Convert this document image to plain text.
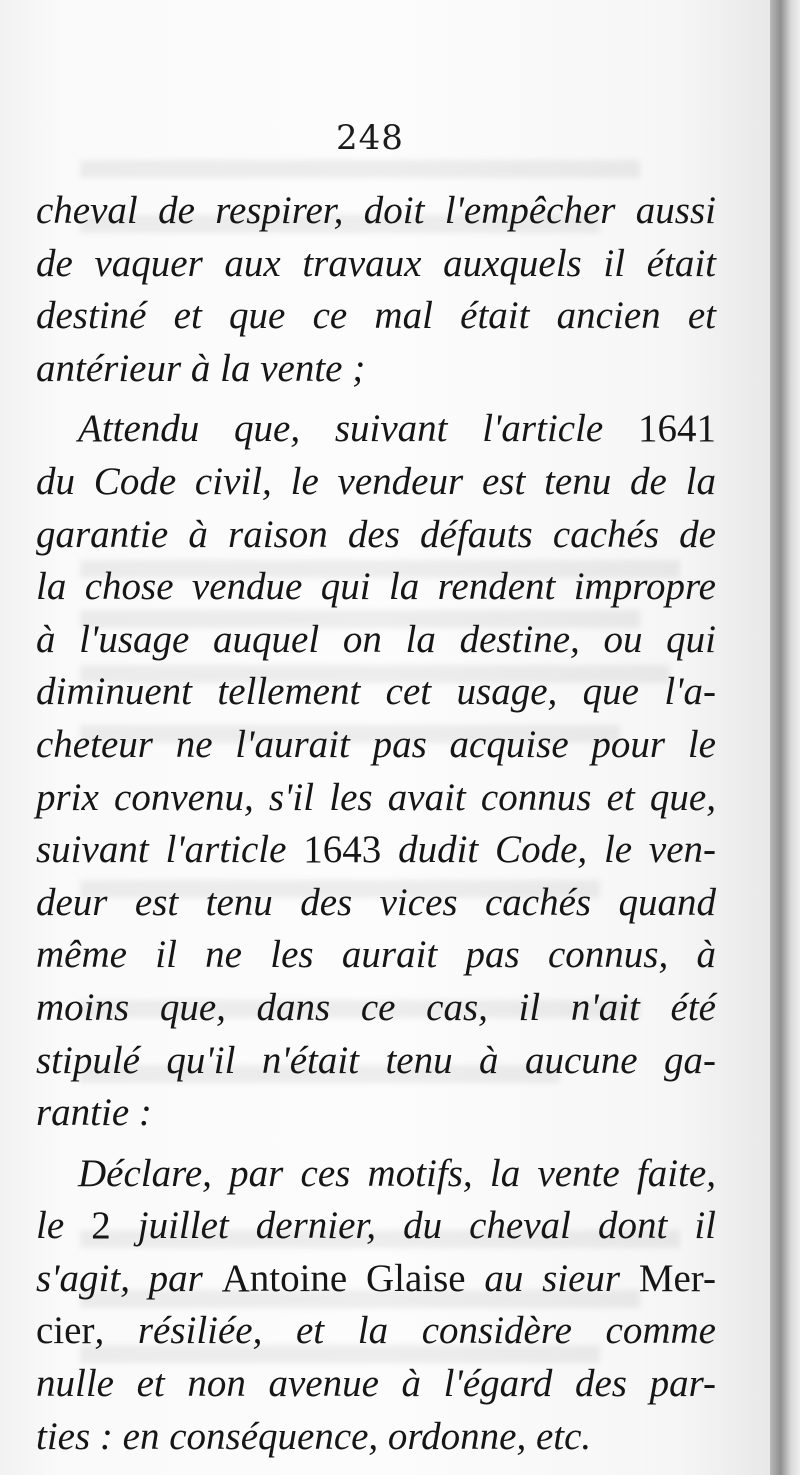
248
cheval de respirer, doit l'empêcher aussi
de vaquer aux travaux auxquels il était
destiné et que ce mal était ancien et
antérieur à la vente ;
Attendu que, suivant l'article 1641
du Code civil, le vendeur est tenu de la
garantie à raison des défauts cachés de
la chose vendue qui la rendent impropre
à l'usage auquel on la destine, ou qui
diminuent tellement cet usage, que l'a-
cheteur ne l'aurait pas acquise pour le
prix convenu, s'il les avait connus et que,
suivant l'article 1643 dudit Code, le ven-
deur est tenu des vices cachés quand
même il ne les aurait pas connus, à
moins que, dans ce cas, il n'ait été
stipulé qu'il n'était tenu à aucune ga-
rantie :
Déclare, par ces motifs, la vente faite,
le 2 juillet dernier, du cheval dont il
s'agit, par Antoine Glaise au sieur Mer-
cier, résiliée, et la considère comme
nulle et non avenue à l'égard des par-
ties : en conséquence, ordonne, etc.
